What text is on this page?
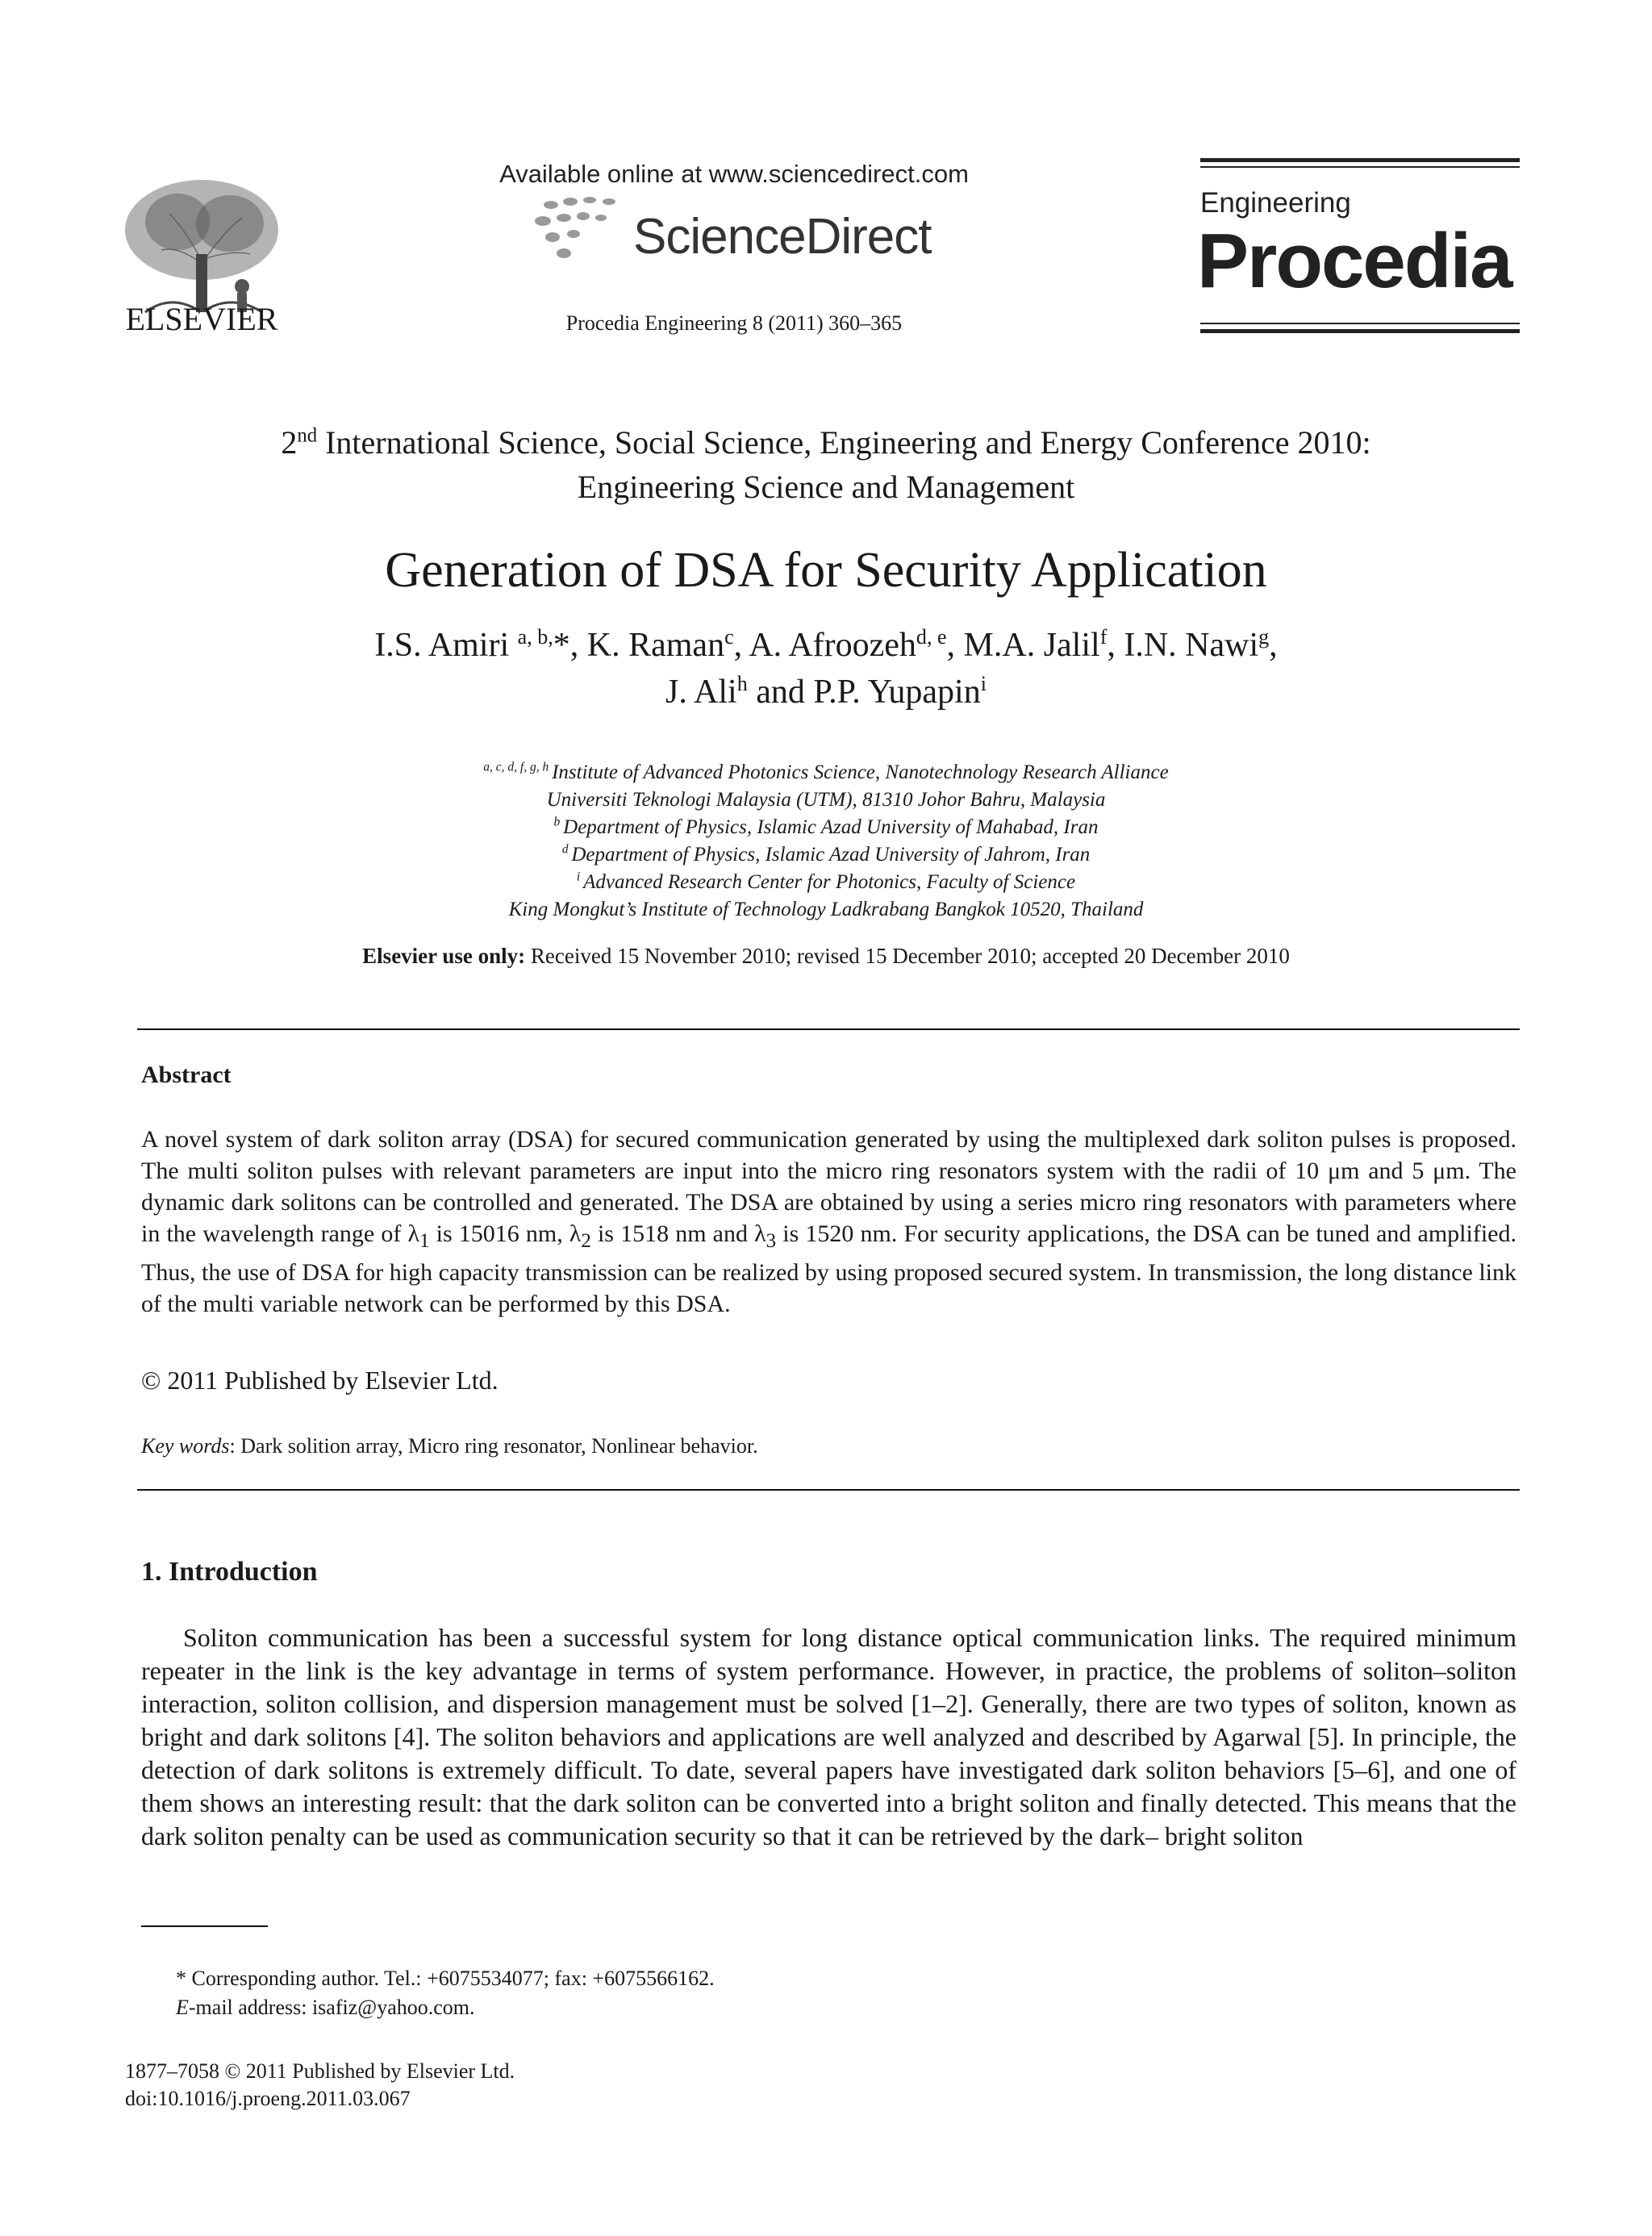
ELSEVIER
Available online at www.sciencedirect.com
ScienceDirect
Procedia Engineering 8 (2011) 360–365
Engineering
Procedia
2nd International Science, Social Science, Engineering and Energy Conference 2010:
Engineering Science and Management
Generation of DSA for Security Application
I.S. Amiri $^{a, b,}$*, K. Raman$^c$, A. Afroozeh$^{d, e}$, M.A. Jalil$^f$, I.N. Nawi$^g$,
J. Ali$^h$ and P.P. Yupapin$^i$
$^{a, c, d, f, g, h}$ Institute of Advanced Photonics Science, Nanotechnology Research Alliance
Universiti Teknologi Malaysia (UTM), 81310 Johor Bahru, Malaysia
$^b$ Department of Physics, Islamic Azad University of Mahabad, Iran
$^d$ Department of Physics, Islamic Azad University of Jahrom, Iran
$^i$ Advanced Research Center for Photonics, Faculty of Science
King Mongkut’s Institute of Technology Ladkrabang Bangkok 10520, Thailand
Elsevier use only: Received 15 November 2010; revised 15 December 2010; accepted 20 December 2010
Abstract
A novel system of dark soliton array (DSA) for secured communication generated by using the multiplexed dark soliton pulses is proposed. The multi soliton pulses with relevant parameters are input into the micro ring resonators system with the radii of 10 μm and 5 μm. The dynamic dark solitons can be controlled and generated. The DSA are obtained by using a series micro ring resonators with parameters where in the wavelength range of $\lambda_1$ is 15016 nm, $\lambda_2$ is 1518 nm and $\lambda_3$ is 1520 nm. For security applications, the DSA can be tuned and amplified. Thus, the use of DSA for high capacity transmission can be realized by using proposed secured system. In transmission, the long distance link of the multi variable network can be performed by this DSA.
© 2011 Published by Elsevier Ltd.
Key words: Dark solition array, Micro ring resonator, Nonlinear behavior.
1. Introduction
Soliton communication has been a successful system for long distance optical communication links. The required minimum repeater in the link is the key advantage in terms of system performance. However, in practice, the problems of soliton–soliton interaction, soliton collision, and dispersion management must be solved [1–2]. Generally, there are two types of soliton, known as bright and dark solitons [4]. The soliton behaviors and applications are well analyzed and described by Agarwal [5]. In principle, the detection of dark solitons is extremely difficult. To date, several papers have investigated dark soliton behaviors [5–6], and one of them shows an interesting result: that the dark soliton can be converted into a bright soliton and finally detected. This means that the dark soliton penalty can be used as communication security so that it can be retrieved by the dark– bright soliton
* Corresponding author. Tel.: +6075534077; fax: +6075566162.
E-mail address: isafiz@yahoo.com.
1877–7058 © 2011 Published by Elsevier Ltd.
doi:10.1016/j.proeng.2011.03.067
